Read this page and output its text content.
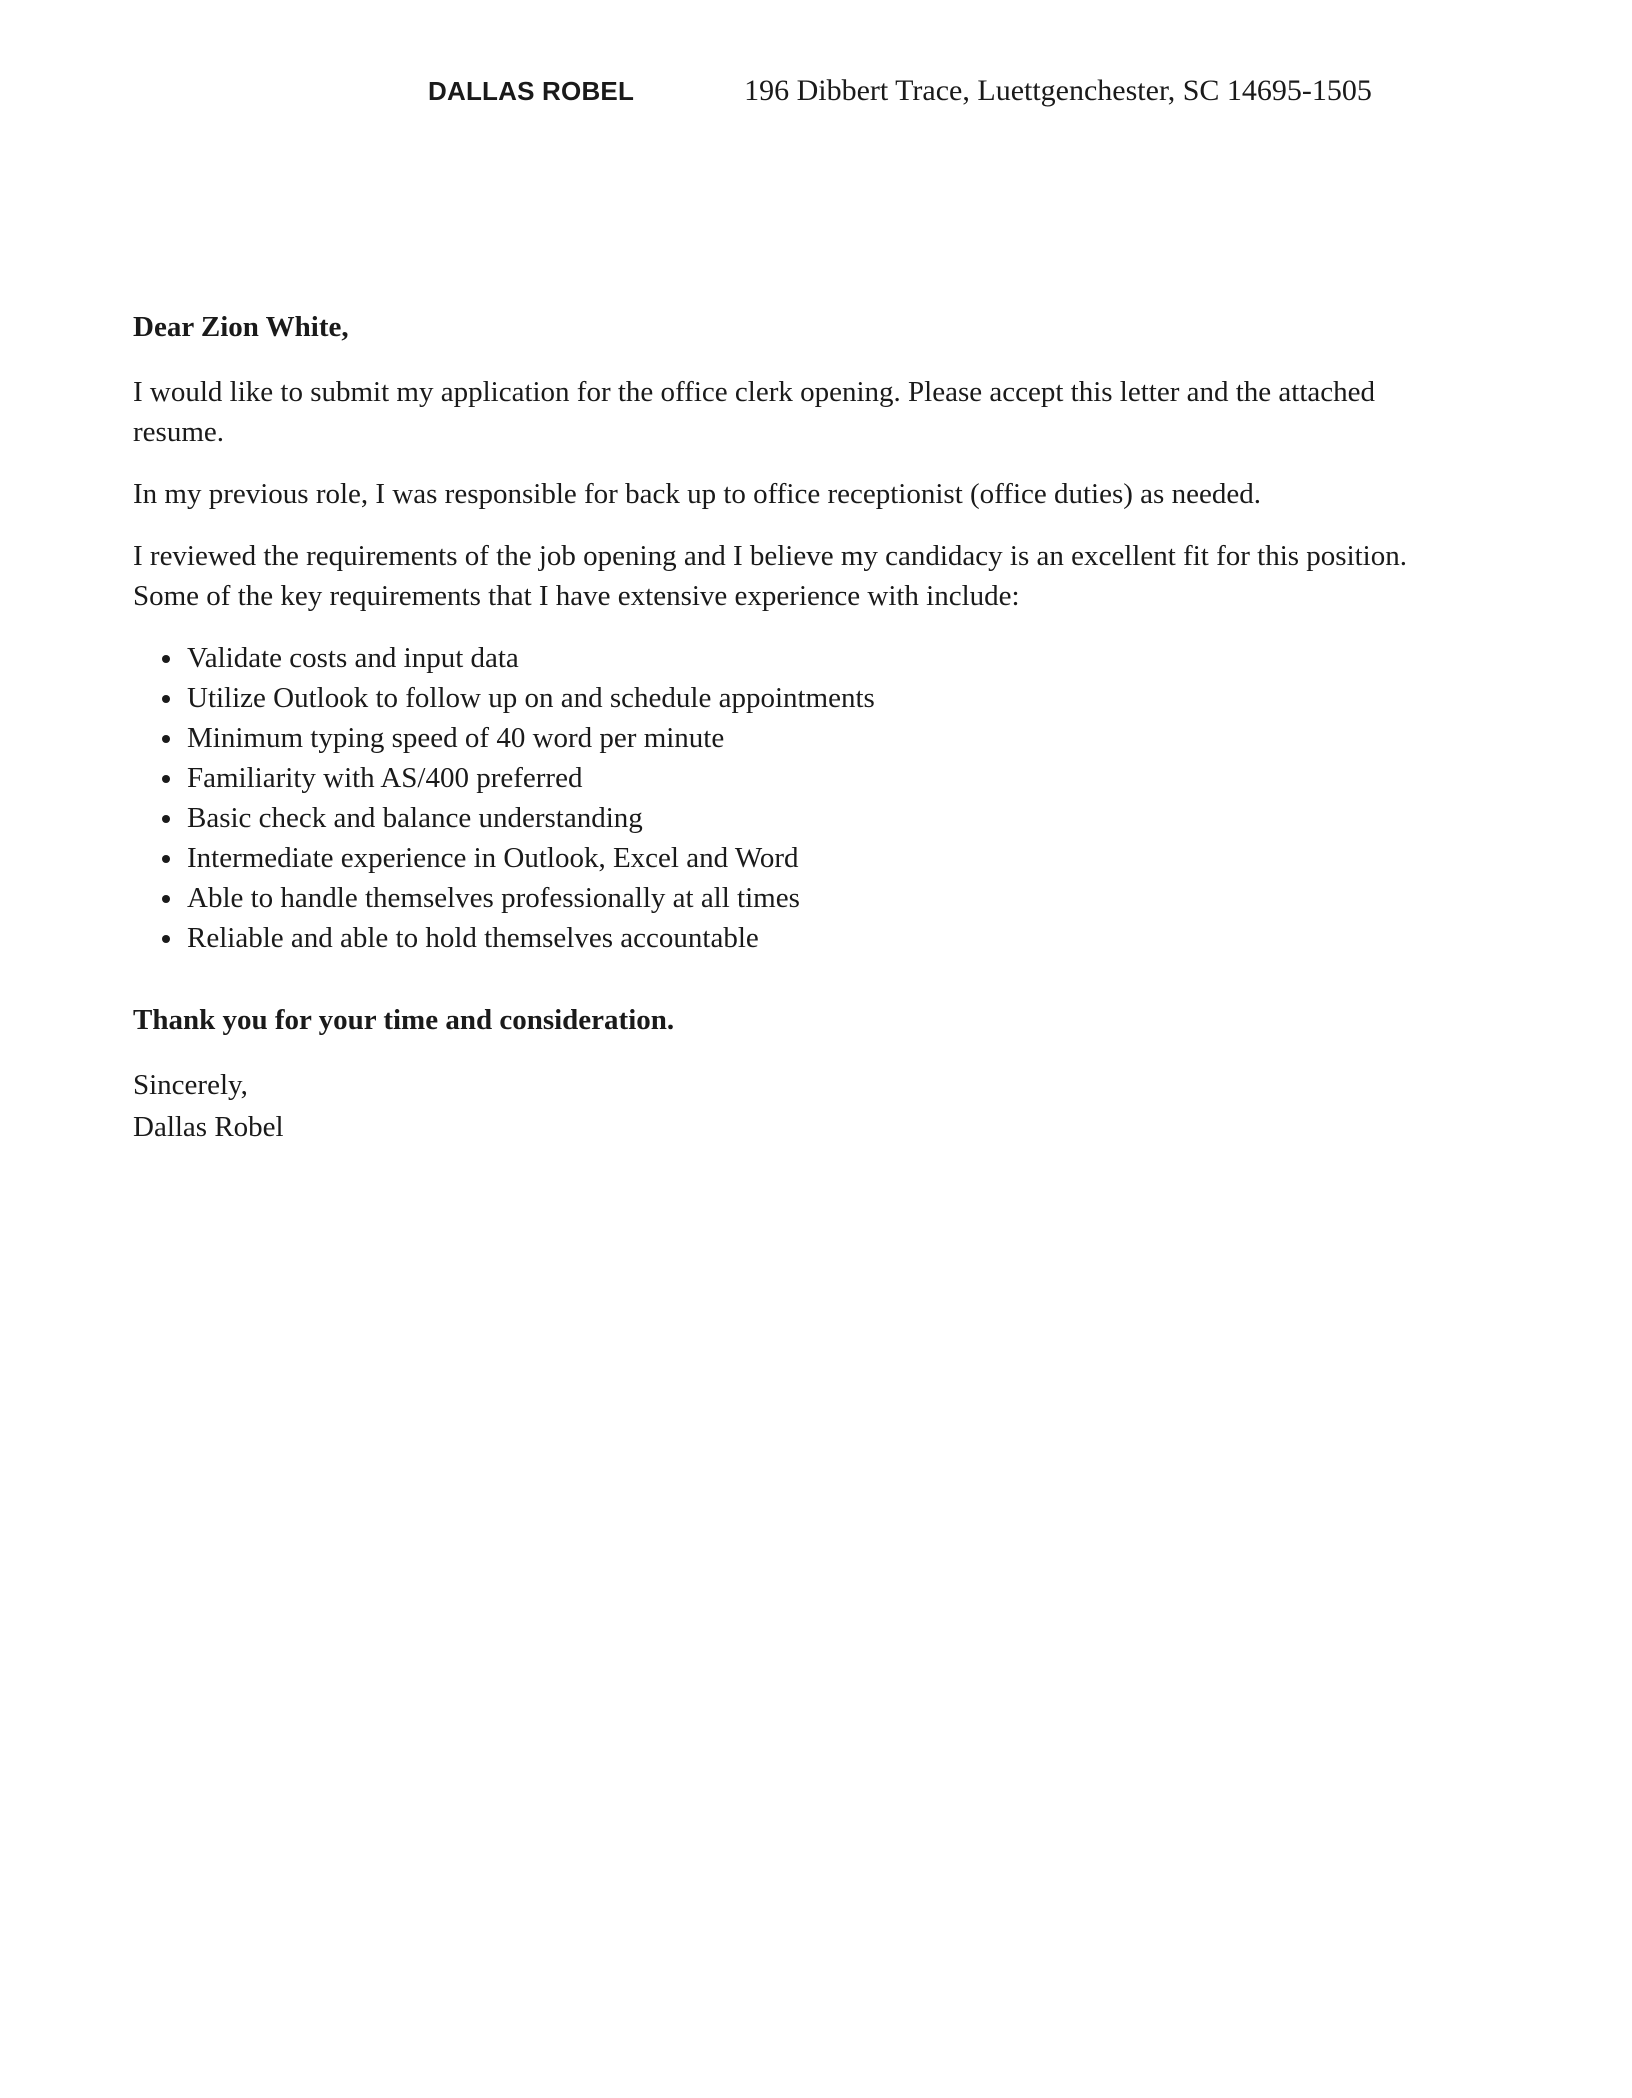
DALLAS ROBEL	196 Dibbert Trace, Luettgenchester, SC 14695-1505

Dear Zion White,

I would like to submit my application for the office clerk opening. Please accept this letter and the attached resume.

In my previous role, I was responsible for back up to office receptionist (office duties) as needed.

I reviewed the requirements of the job opening and I believe my candidacy is an excellent fit for this position. Some of the key requirements that I have extensive experience with include:

• Validate costs and input data
• Utilize Outlook to follow up on and schedule appointments
• Minimum typing speed of 40 word per minute
• Familiarity with AS/400 preferred
• Basic check and balance understanding
• Intermediate experience in Outlook, Excel and Word
• Able to handle themselves professionally at all times
• Reliable and able to hold themselves accountable

Thank you for your time and consideration.

Sincerely,
Dallas Robel
